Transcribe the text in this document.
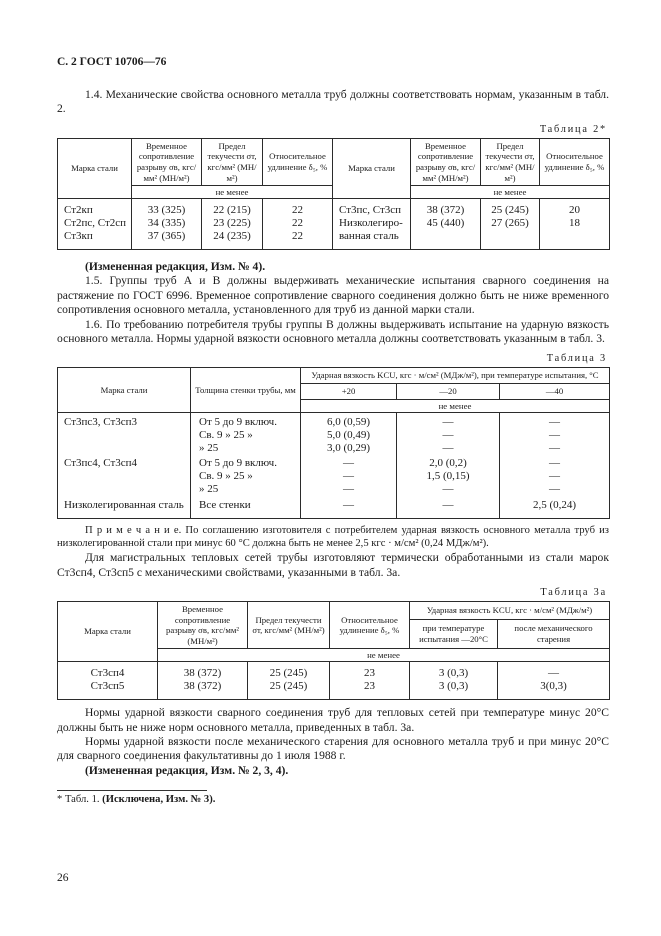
С. 2 ГОСТ 10706—76

1.4. Механические свойства основного металла труб должны соответствовать нормам, указанным в табл. 2.

Таблица 2*
Марка стали	Временное сопротивление разрыву σв, кгс/мм² (МН/м²)	Предел текучести σт, кгс/мм² (МН/м²)	Относительное удлинение δ₅, %
	не менее		
Ст2кп	33 (325)	22 (215)	22
Ст2пс, Ст2сп	34 (335)	23 (225)	22
Ст3кп	37 (365)	24 (235)	22
Марка стали	Временное сопротивление разрыву σв, кгс/мм² (МН/м²)	Предел текучести σт, кгс/мм² (МН/м²)	Относительное удлинение δ₅, %
	не менее		
Ст3пс, Ст3сп	38 (372)	25 (245)	20
Низколегированная сталь	45 (440)	27 (265)	18

(Измененная редакция, Изм. № 4).

1.5. Группы труб А и В должны выдерживать механические испытания сварного соединения на растяжение по ГОСТ 6996. Временное сопротивление сварного соединения должно быть не ниже временного сопротивления основного металла, установленного для труб из данной марки стали.

1.6. По требованию потребителя трубы группы В должны выдерживать испытание на ударную вязкость основного металла. Нормы ударной вязкости основного металла должны соответствовать указанным в табл. 3.

Таблица 3
Марка стали	Толщина стенки трубы, мм	Ударная вязкость KCU, кгс · м/см² (МДж/м²), при температуре испытания, °С		
		+20	—20	—40
		не менее		
Ст3пс3, Ст3сп3	От 5 до 9 включ.	6,0 (0,59)	—	—
	Св. 9 » 25 »	5,0 (0,49)	—	—
	» 25	3,0 (0,29)	—	—
Ст3пс4, Ст3сп4	От 5 до 9 включ.	—	2,0 (0,2)	—
	Св. 9 » 25 »	—	1,5 (0,15)	—
	» 25	—	—	—
Низколегированная сталь	Все стенки	—	—	2,5 (0,24)

П р и м е ч а н и е. По соглашению изготовителя с потребителем ударная вязкость основного металла труб из низколегированной стали при минус 60 °С должна быть не менее 2,5 кгс · м/см² (0,24 МДж/м²).

Для магистральных тепловых сетей трубы изготовляют термически обработанными из стали марок Ст3сп4, Ст3сп5 с механическими свойствами, указанными в табл. 3а.

Таблица 3а
Марка стали	Временное сопротивление разрыву σв, кгс/мм² (МН/м²)	Предел текучести σт, кгс/мм² (МН/м²)	Относительное удлинение δ₅, %	Ударная вязкость KCU, кгс · м/см² (МДж/м²)	
				при температуре испытания —20°С	после механического старения
	не менее				
Ст3сп4	38 (372)	25 (245)	23	3 (0,3)	—
Ст3сп5	38 (372)	25 (245)	23	3 (0,3)	3(0,3)

Нормы ударной вязкости сварного соединения труб для тепловых сетей при температуре минус 20°С должны быть не ниже норм основного металла, приведенных в табл. 3а.

Нормы ударной вязкости после механического старения для основного металла труб и при минус 20°С для сварного соединения факультативны до 1 июля 1988 г.

(Измененная редакция, Изм. № 2, 3, 4).

* Табл. 1. (Исключена, Изм. № 3).

26
